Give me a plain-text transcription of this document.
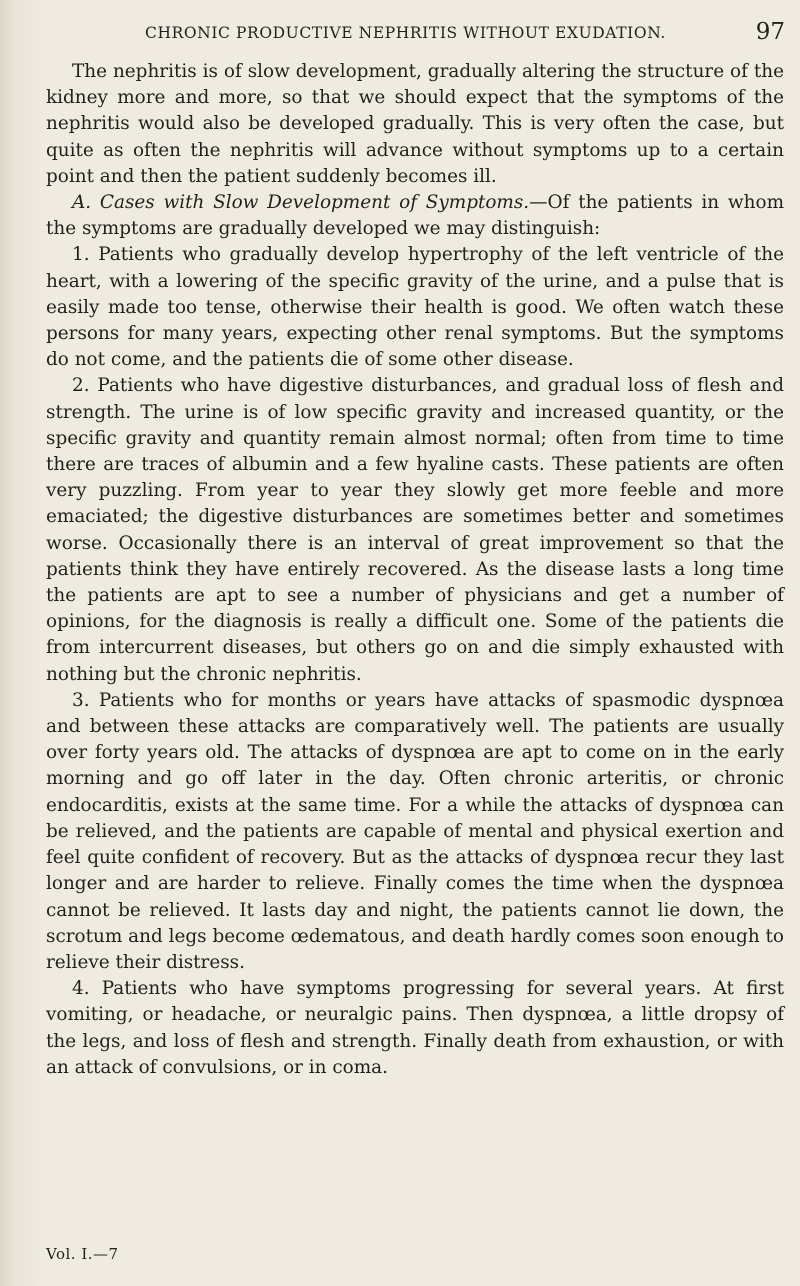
CHRONIC PRODUCTIVE NEPHRITIS WITHOUT EXUDATION.	97

The nephritis is of slow development, gradually altering the structure of the kidney more and more, so that we should expect that the symptoms of the nephritis would also be developed gradually. This is very often the case, but quite as often the nephritis will advance without symptoms up to a certain point and then the patient suddenly becomes ill.

A. Cases with Slow Development of Symptoms.—Of the patients in whom the symptoms are gradually developed we may distinguish:

1. Patients who gradually develop hypertrophy of the left ventricle of the heart, with a lowering of the specific gravity of the urine, and a pulse that is easily made too tense, otherwise their health is good. We often watch these persons for many years, expecting other renal symptoms. But the symptoms do not come, and the patients die of some other disease.

2. Patients who have digestive disturbances, and gradual loss of flesh and strength. The urine is of low specific gravity and increased quantity, or the specific gravity and quantity remain almost normal; often from time to time there are traces of albumin and a few hyaline casts. These patients are often very puzzling. From year to year they slowly get more feeble and more emaciated; the digestive disturbances are sometimes better and sometimes worse. Occasionally there is an interval of great improvement so that the patients think they have entirely recovered. As the disease lasts a long time the patients are apt to see a number of physicians and get a number of opinions, for the diagnosis is really a difficult one. Some of the patients die from intercurrent diseases, but others go on and die simply exhausted with nothing but the chronic nephritis.

3. Patients who for months or years have attacks of spasmodic dyspnœa and between these attacks are comparatively well. The patients are usually over forty years old. The attacks of dyspnœa are apt to come on in the early morning and go off later in the day. Often chronic arteritis, or chronic endocarditis, exists at the same time. For a while the attacks of dyspnœa can be relieved, and the patients are capable of mental and physical exertion and feel quite confident of recovery. But as the attacks of dyspnœa recur they last longer and are harder to relieve. Finally comes the time when the dyspnœa cannot be relieved. It lasts day and night, the patients cannot lie down, the scrotum and legs become œdematous, and death hardly comes soon enough to relieve their distress.

4. Patients who have symptoms progressing for several years. At first vomiting, or headache, or neuralgic pains. Then dyspnœa, a little dropsy of the legs, and loss of flesh and strength. Finally death from exhaustion, or with an attack of convulsions, or in coma.

Vol. I.—7
